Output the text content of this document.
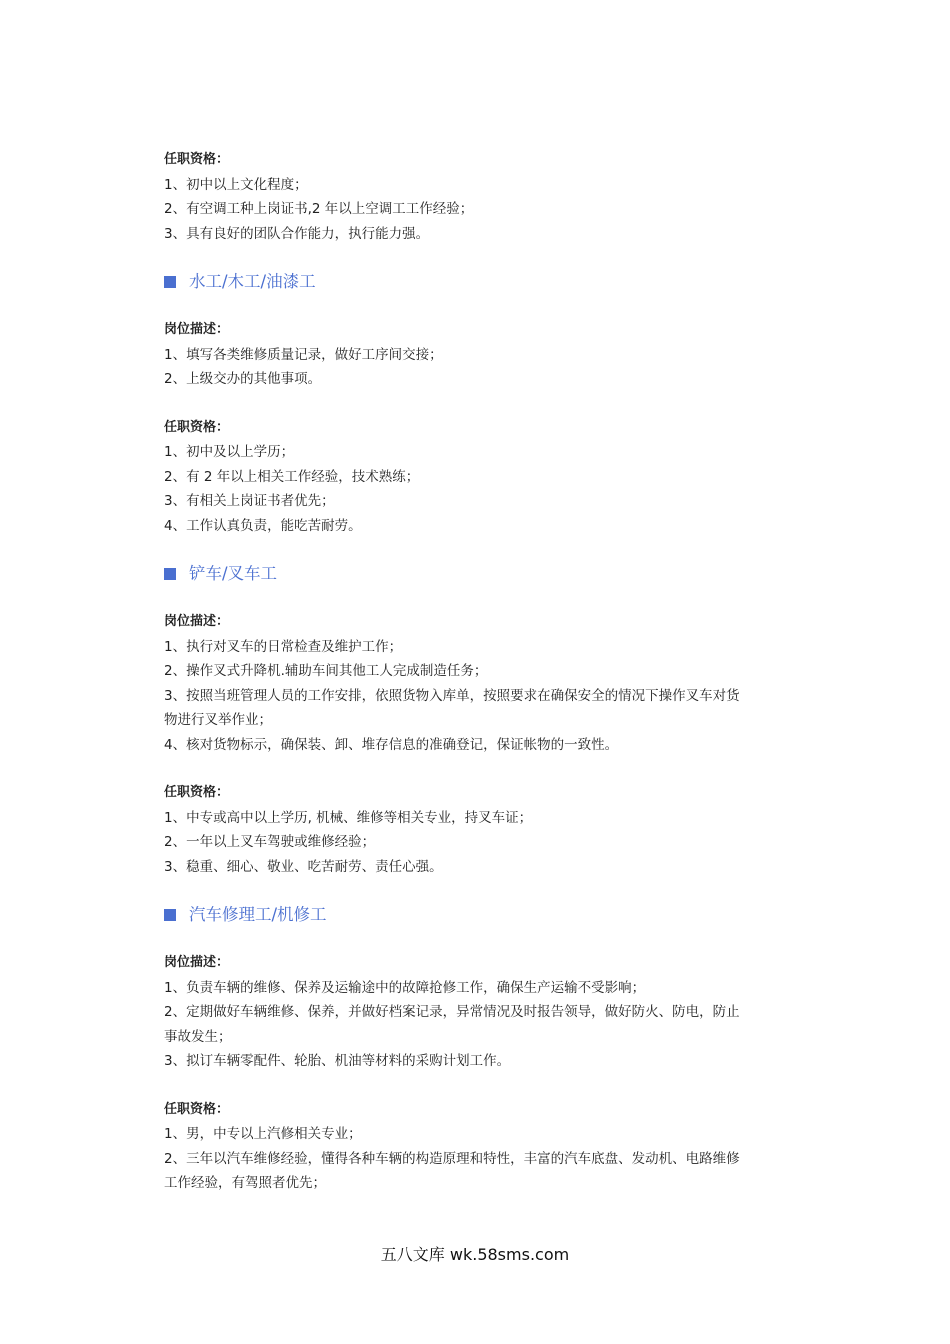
任职资格：

1、初中以上文化程度；

2、有空调工种上岗证书,2 年以上空调工工作经验；

3、具有良好的团队合作能力，执行能力强。

水工/木工/油漆工

岗位描述：

1、填写各类维修质量记录，做好工序间交接；

2、上级交办的其他事项。

任职资格：

1、初中及以上学历；

2、有 2 年以上相关工作经验，技术熟练；

3、有相关上岗证书者优先；

4、工作认真负责，能吃苦耐劳。

铲车/叉车工

岗位描述：

1、执行对叉车的日常检查及维护工作；

2、操作叉式升降机.辅助车间其他工人完成制造任务；

3、按照当班管理人员的工作安排，依照货物入库单，按照要求在确保安全的情况下操作叉车对货

物进行叉举作业；

4、核对货物标示，确保装、卸、堆存信息的准确登记，保证帐物的一致性。

任职资格：

1、中专或高中以上学历, 机械、维修等相关专业，持叉车证；

2、一年以上叉车驾驶或维修经验；

3、稳重、细心、敬业、吃苦耐劳、责任心强。

汽车修理工/机修工

岗位描述：

1、负责车辆的维修、保养及运输途中的故障抢修工作，确保生产运输不受影响；

2、定期做好车辆维修、保养，并做好档案记录，异常情况及时报告领导，做好防火、防电，防止

事故发生；

3、拟订车辆零配件、轮胎、机油等材料的采购计划工作。

任职资格：

1、男，中专以上汽修相关专业；

2、三年以汽车维修经验，懂得各种车辆的构造原理和特性，丰富的汽车底盘、发动机、电路维修

工作经验，有驾照者优先；

五八文库 wk.58sms.com
